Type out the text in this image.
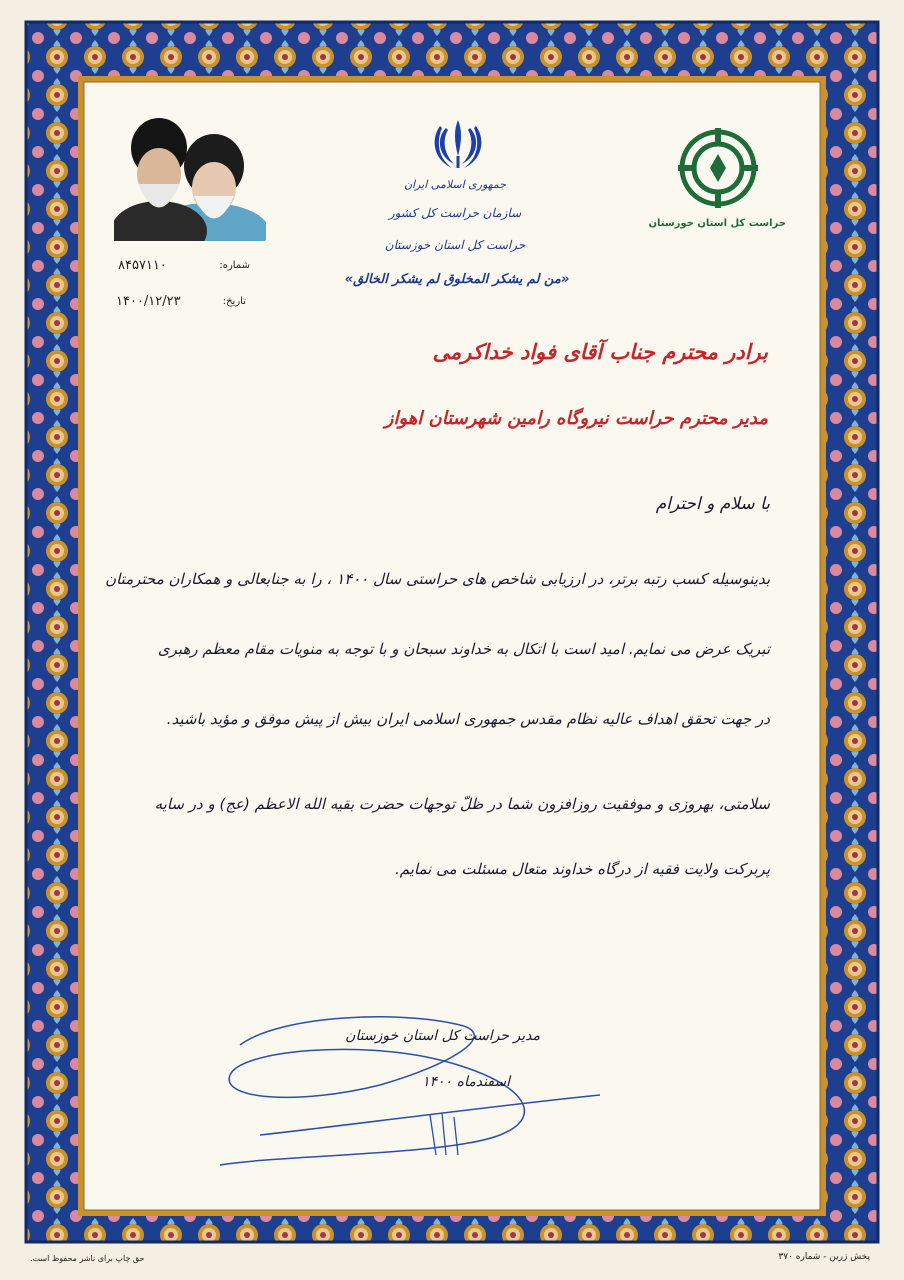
جمهوری اسلامی ایران
سازمان حراست کل کشور
حراست کل استان خوزستان
«من لم یشکر المخلوق لم یشکر الخالق»
حراست کل استان خوزستان
شماره:
۸۴۵۷۱۱۰
تاریخ:
۱۴۰۰/۱۲/۲۳
برادر محترم جناب آقای فواد خداکرمی
مدیر محترم حراست نیروگاه رامین شهرستان اهواز
با سلام و احترام
بدینوسیله کسب رتبه برتر، در ارزیابی شاخص های حراستی سال ۱۴۰۰ ، را به جنابعالی و همکاران محترمتان
تبریک عرض می نمایم. امید است با اتکال به خداوند سبحان و با توجه به منویات مقام معظم رهبری
در جهت تحقق اهداف عالیه نظام مقدس جمهوری اسلامی ایران بیش از پیش موفق و مؤید باشید.
سلامتی، بهروزی و موفقیت روزافزون شما در ظلّ توجهات حضرت بقیه الله الاعظم (عج) و در سایه
پربرکت ولایت فقیه از درگاه خداوند متعال مسئلت می نمایم.
مدیر حراست کل استان خوزستان
اسفندماه ۱۴۰۰
پخش زرین - شماره ۳۷۰
حق چاپ برای ناشر محفوظ است.
